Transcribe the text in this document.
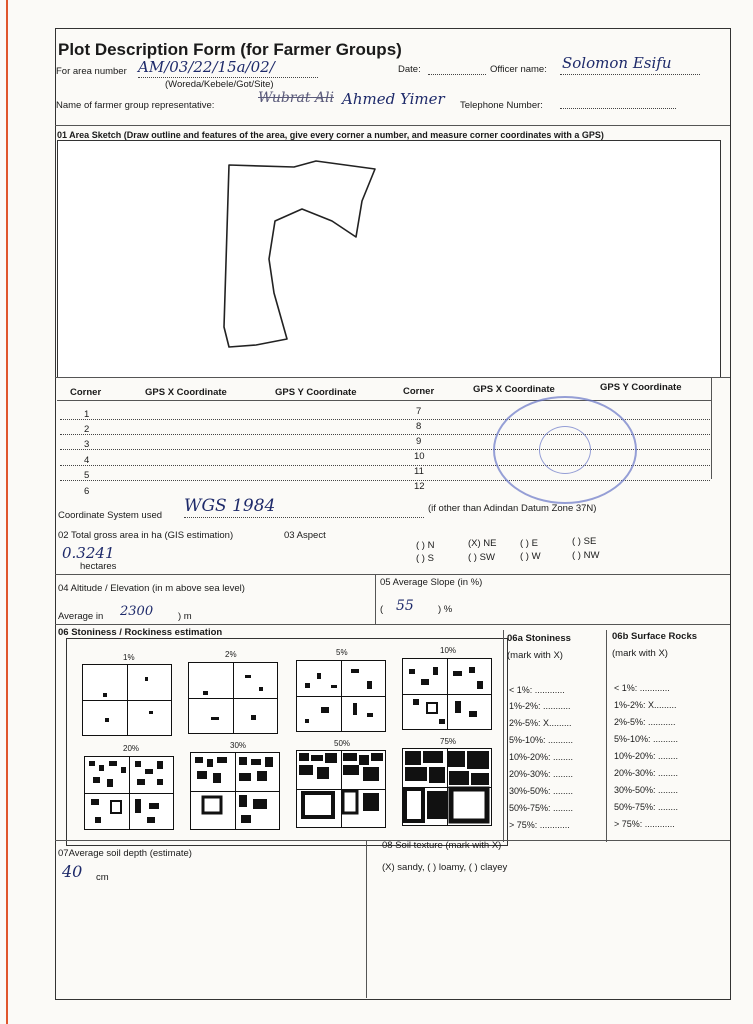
Plot Description Form (for Farmer Groups)
For area number AM/03/22/15a/02/
(Woreda/Kebele/Got/Site)
Date:	Officer name: Solomon Esifu
Name of farmer group representative:	Wubrat Ali Ahmed Yimer Telephone Number:
01 Area Sketch (Draw outline and features of the area, give every corner a number, and measure corner coordinates with a GPS)
Corner	GPS X Coordinate	GPS Y Coordinate	Corner	GPS X Coordinate	GPS Y Coordinate
1
2
3
4
5
6
7
8
9
10
11
12
Coordinate System used WGS 1984	(if other than Adindan Datum Zone 37N)
02 Total gross area in ha (GIS estimation)
0.3241
hectares
03 Aspect
( ) N	(X) NE ( ) E	( ) SE
( ) S	( ) SW	( ) W	( ) NW
04 Altitude / Elevation (in m above sea level)
Average in 2300	) m
05 Average Slope (in %)
( 55	) %
06 Stoniness / Rockiness estimation
1%	2%	5%	10%
20%	30%	50%	75%
06a Stoniness
(mark with X)
06b Surface Rocks
(mark with X)
< 1%: ............
1%-2%: ...........
2%-5%: X.........
5%-10%: ..........
10%-20%: ........
20%-30%: ........
30%-50%: ........
50%-75%: ........
> 75%: ............
< 1%: ............
1%-2%: X.........
2%-5%: ...........
5%-10%: ..........
10%-20%: ........
20%-30%: ........
30%-50%: ........
50%-75%: ........
> 75%: ............
07Average soil depth (estimate)
40 cm
08 Soil texture (mark with X)
(X) sandy, ( ) loamy, ( ) clayey
